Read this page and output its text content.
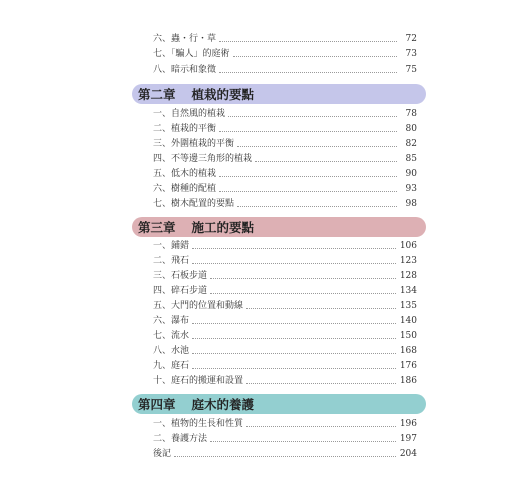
六、蟲・行・草	72
七、「騙人」的庭術	73
八、暗示和象徵	75
第二章	植栽的要點
一、自然風的植栽	78
二、植栽的平衡	80
三、外圍植栽的平衡	82
四、不等邊三角形的植栽	85
五、低木的植栽	90
六、樹種的配植	93
七、樹木配置的要點	98
第三章	施工的要點
一、鋪錯	106
二、飛石	123
三、石板步道	128
四、碎石步道	134
五、大門的位置和動線	135
六、瀑布	140
七、流水	150
八、水池	168
九、庭石	176
十、庭石的搬運和設置	186
第四章	庭木的養護
一、植物的生長和性質	196
二、養護方法	197
後記	204
